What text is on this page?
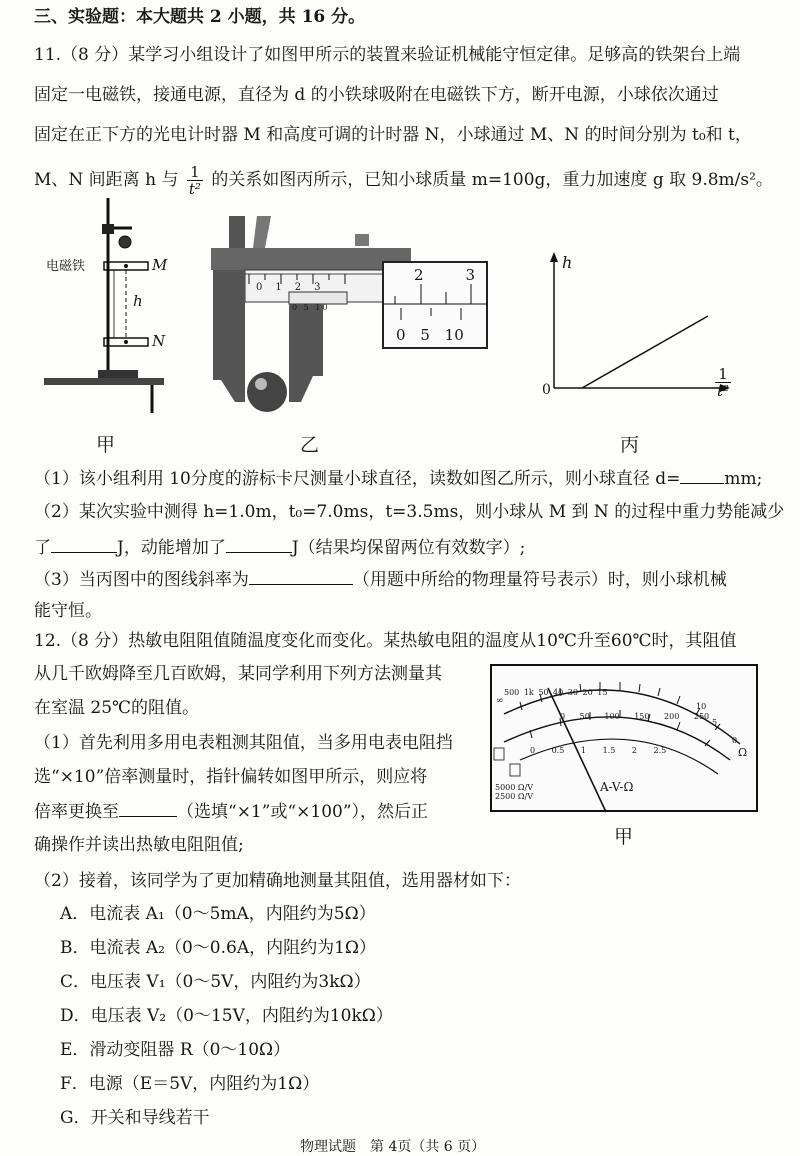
三、实验题：本大题共 2 小题，共 16 分。
11.（8 分）某学习小组设计了如图甲所示的装置来验证机械能守恒定律。足够高的铁架台上端
固定一电磁铁，接通电源，直径为 d 的小铁球吸附在电磁铁下方，断开电源，小球依次通过
固定在正下方的光电计时器 M 和高度可调的计时器 N，小球通过 M、N 的时间分别为 t₀和 t，
M、N 间距离 h 与 $\frac{1}{\text{t²}}$ 的关系如图丙所示，已知小球质量 m=100g，重力加速度 g 取 9.8m/s²。
电磁铁	M
h
N
甲
0123
0 5 10
2	3
0 5 10
乙
h
0	$\frac{1}{\text{t²}}$
丙
（1）该小组利用 10分度的游标卡尺测量小球直径，读数如图乙所示，则小球直径 d=	mm;
（2）某次实验中测得 h=1.0m，t₀=7.0ms，t=3.5ms，则小球从 M 到 N 的过程中重力势能减少
了	J，动能增加了	J（结果均保留两位有效数字）;
（3）当丙图中的图线斜率为	（用题中所给的物理量符号表示）时，则小球机械
能守恒。
12.（8 分）热敏电阻阻值随温度变化而变化。某热敏电阻的温度从10℃升至60℃时，其阻值
从几千欧姆降至几百欧姆，某同学利用下列方法测量其
在室温 25℃的阻值。
（1）首先利用多用电表粗测其阻值，当多用电表电阻挡
选“×10”倍率测量时，指针偏转如图甲所示，则应将
倍率更换至	（选填“×1”或“×100”），然后正
确操作并读出热敏电阻阻值;
500 1k 50 40 30 20 15
10
5
0
∞
0 50 100 150 200 250
0 0.5 1 1.5 2 2.5	Ω
A-V-Ω
5000 Ω/V
2500 Ω/V
甲
（2）接着，该同学为了更加精确地测量其阻值，选用器材如下：
A．电流表 A₁（0～5mA，内阻约为5Ω）
B．电流表 A₂（0～0.6A，内阻约为1Ω）
C．电压表 V₁（0～5V，内阻约为3kΩ）
D．电压表 V₂（0～15V，内阻约为10kΩ）
E．滑动变阻器 R（0～10Ω）
F．电源（E＝5V，内阻约为1Ω）
G．开关和导线若干
物理试题　第 4页（共 6 页）
